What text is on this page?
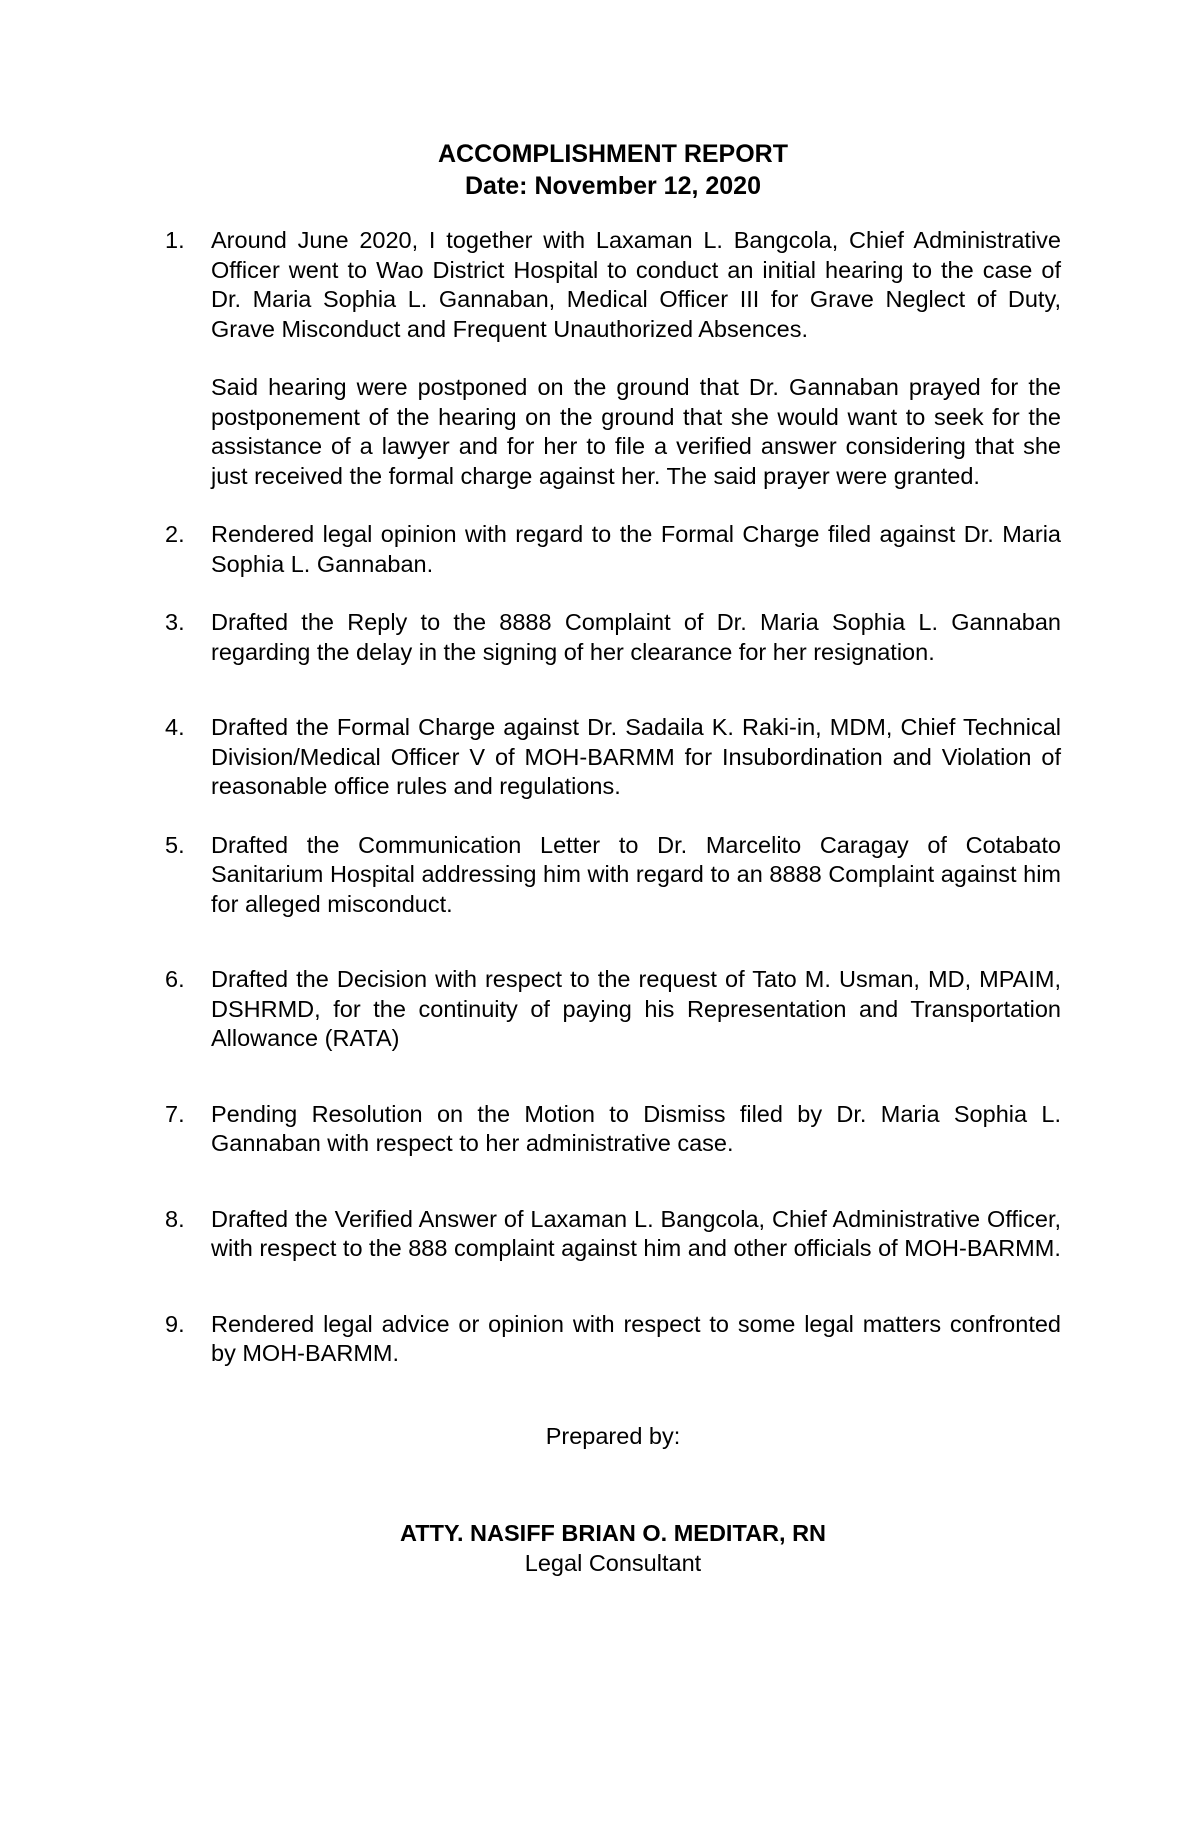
ACCOMPLISHMENT REPORT
Date: November 12, 2020
1.	Around June 2020, I together with Laxaman L. Bangcola, Chief Administrative Officer went to Wao District Hospital to conduct an initial hearing to the case of Dr. Maria Sophia L. Gannaban, Medical Officer III for Grave Neglect of Duty, Grave Misconduct and Frequent Unauthorized Absences.

Said hearing were postponed on the ground that Dr. Gannaban prayed for the postponement of the hearing on the ground that she would want to seek for the assistance of a lawyer and for her to file a verified answer considering that she just received the formal charge against her. The said prayer were granted.

2.	Rendered legal opinion with regard to the Formal Charge filed against Dr. Maria Sophia L. Gannaban.

3.	Drafted the Reply to the 8888 Complaint of Dr. Maria Sophia L. Gannaban regarding the delay in the signing of her clearance for her resignation.

4.	Drafted the Formal Charge against Dr. Sadaila K. Raki-in, MDM, Chief Technical Division/Medical Officer V of MOH-BARMM for Insubordination and Violation of reasonable office rules and regulations.

5.	Drafted the Communication Letter to Dr. Marcelito Caragay of Cotabato Sanitarium Hospital addressing him with regard to an 8888 Complaint against him for alleged misconduct.

6.	Drafted the Decision with respect to the request of Tato M. Usman, MD, MPAIM, DSHRMD, for the continuity of paying his Representation and Transportation Allowance (RATA)

7.	Pending Resolution on the Motion to Dismiss filed by Dr. Maria Sophia L. Gannaban with respect to her administrative case.

8.	Drafted the Verified Answer of Laxaman L. Bangcola, Chief Administrative Officer, with respect to the 888 complaint against him and other officials of MOH-BARMM.

9.	Rendered legal advice or opinion with respect to some legal matters confronted by MOH-BARMM.

Prepared by:
ATTY. NASIFF BRIAN O. MEDITAR, RN
Legal Consultant
